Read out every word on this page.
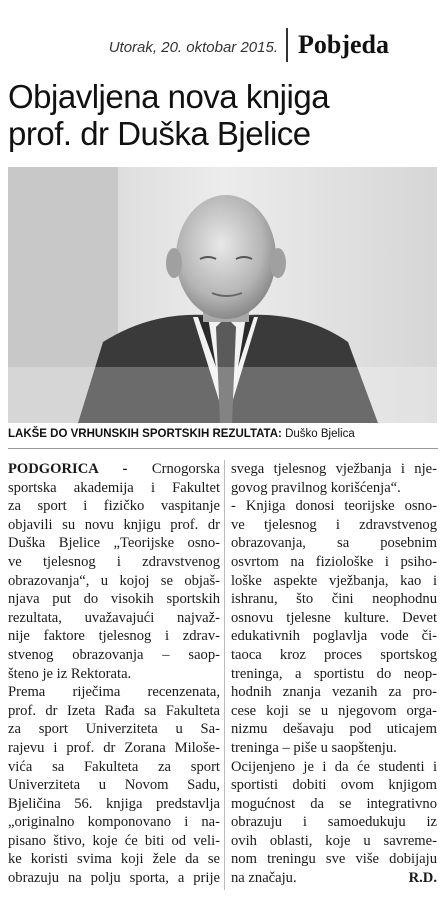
Utorak, 20. oktobar 2015. Pobjeda
Objavljena nova knjiga
prof. dr Duška Bjelice
LAKŠE DO VRHUNSKIH SPORTSKIH REZULTATA: Duško Bjelica
PODGORICA - Crnogorska
sportska akademija i Fakultet
za sport i fizičko vaspitanje
objavili su novu knjigu prof. dr
Duška Bjelice „Teorijske osno-
ve tjelesnog i zdravstvenog
obrazovanja“, u kojoj se objaš-
njava put do visokih sportskih
rezultata, uvažavajući najvaž-
nije faktore tjelesnog i zdrav-
stvenog obrazovanja – saop-
šteno je iz Rektorata.
Prema riječima recenzenata,
prof. dr Izeta Rađa sa Fakulteta
za sport Univerziteta u Sa-
rajevu i prof. dr Zorana Miloše-
vića sa Fakulteta za sport
Univerziteta u Novom Sadu,
Bjeličina 56. knjiga predstavlja
„originalno komponovano i na-
pisano štivo, koje će biti od veli-
ke koristi svima koji žele da se
obrazuju na polju sporta, a prije
svega tjelesnog vježbanja i nje-
govog pravilnog korišćenja“.
- Knjiga donosi teorijske osno-
ve tjelesnog i zdravstvenog
obrazovanja, sa posebnim
osvrtom na fiziološke i psiho-
loške aspekte vježbanja, kao i
ishranu, što čini neophodnu
osnovu tjelesne kulture. Devet
edukativnih poglavlja vode či-
taoca kroz proces sportskog
treninga, a sportistu do neop-
hodnih znanja vezanih za pro-
cese koji se u njegovom orga-
nizmu dešavaju pod uticajem
treninga – piše u saopštenju.
Ocijenjeno je i da će studenti i
sportisti dobiti ovom knjigom
mogućnost da se integrativno
obrazuju i samoedukuju iz
ovih oblasti, koje u savreme-
nom treningu sve više dobijaju
na značaju.	R.D.
